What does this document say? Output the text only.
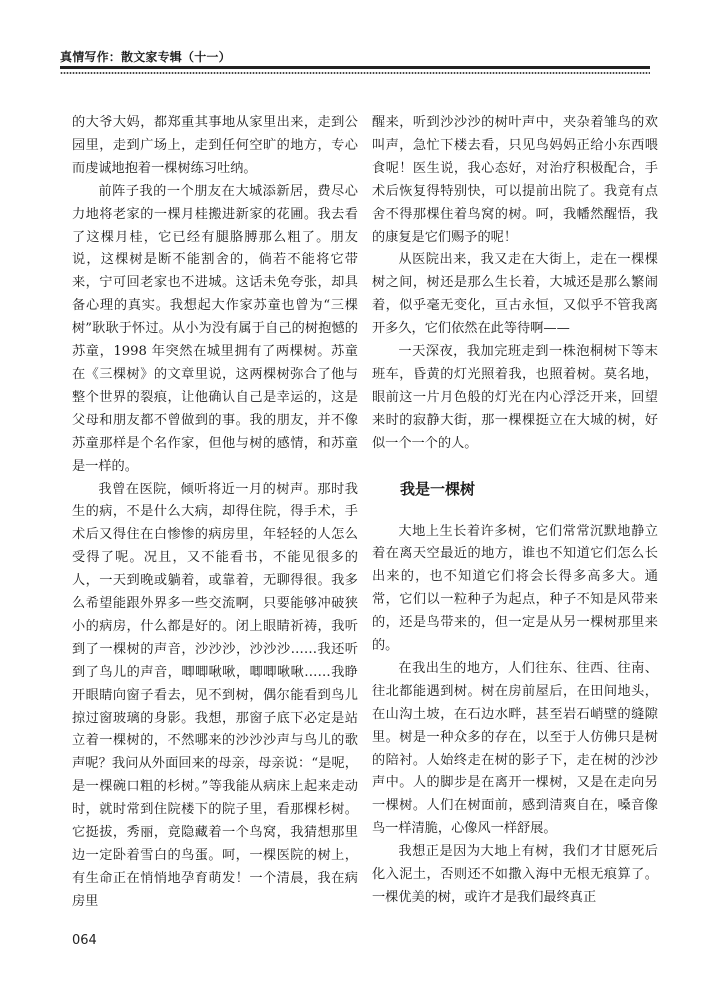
真情写作：散文家专辑（十一）

的大爷大妈，都郑重其事地从家里出来，走到公园里，走到广场上，走到任何空旷的地方，专心而虔诚地抱着一棵树练习吐纳。

前阵子我的一个朋友在大城添新居，费尽心力地将老家的一棵月桂搬进新家的花圃。我去看了这棵月桂，它已经有腿胳膊那么粗了。朋友说，这棵树是断不能割舍的，倘若不能将它带来，宁可回老家也不进城。这话未免夸张，却具备心理的真实。我想起大作家苏童也曾为“三棵树”耿耿于怀过。从小为没有属于自己的树抱憾的苏童，1998 年突然在城里拥有了两棵树。苏童在《三棵树》的文章里说，这两棵树弥合了他与整个世界的裂痕，让他确认自己是幸运的，这是父母和朋友都不曾做到的事。我的朋友，并不像苏童那样是个名作家，但他与树的感情，和苏童是一样的。

我曾在医院，倾听将近一月的树声。那时我生的病，不是什么大病，却得住院，得手术，手术后又得住在白惨惨的病房里，年轻轻的人怎么受得了呢。况且，又不能看书，不能见很多的人，一天到晚或躺着，或靠着，无聊得很。我多么希望能跟外界多一些交流啊，只要能够冲破狭小的病房，什么都是好的。闭上眼睛祈祷，我听到了一棵树的声音，沙沙沙，沙沙沙……我还听到了鸟儿的声音，唧唧啾啾，唧唧啾啾……我睁开眼睛向窗子看去，见不到树，偶尔能看到鸟儿掠过窗玻璃的身影。我想，那窗子底下必定是站立着一棵树的，不然哪来的沙沙沙声与鸟儿的歌声呢？我问从外面回来的母亲，母亲说：“是呢，是一棵碗口粗的杉树。”等我能从病床上起来走动时，就时常到住院楼下的院子里，看那棵杉树。它挺拔，秀丽，竟隐藏着一个鸟窝，我猜想那里边一定卧着雪白的鸟蛋。呵，一棵医院的树上，有生命正在悄悄地孕育萌发！一个清晨，我在病房里

醒来，听到沙沙沙的树叶声中，夹杂着雏鸟的欢叫声，急忙下楼去看，只见鸟妈妈正给小东西喂食呢！医生说，我心态好，对治疗积极配合，手术后恢复得特别快，可以提前出院了。我竟有点舍不得那棵住着鸟窝的树。呵，我幡然醒悟，我的康复是它们赐予的呢！

从医院出来，我又走在大街上，走在一棵棵树之间，树还是那么生长着，大城还是那么繁闹着，似乎毫无变化，亘古永恒，又似乎不管我离开多久，它们依然在此等待啊——

一天深夜，我加完班走到一株泡桐树下等末班车，昏黄的灯光照着我，也照着树。莫名地，眼前这一片月色般的灯光在内心浮泛开来，回望来时的寂静大街，那一棵棵挺立在大城的树，好似一个一个的人。

我是一棵树

大地上生长着许多树，它们常常沉默地静立着在离天空最近的地方，谁也不知道它们怎么长出来的，也不知道它们将会长得多高多大。通常，它们以一粒种子为起点，种子不知是风带来的，还是鸟带来的，但一定是从另一棵树那里来的。

在我出生的地方，人们往东、往西、往南、往北都能遇到树。树在房前屋后，在田间地头，在山沟土坡，在石边水畔，甚至岩石峭壁的缝隙里。树是一种众多的存在，以至于人仿佛只是树的陪衬。人始终走在树的影子下，走在树的沙沙声中。人的脚步是在离开一棵树，又是在走向另一棵树。人们在树面前，感到清爽自在，嗓音像鸟一样清脆，心像风一样舒展。

我想正是因为大地上有树，我们才甘愿死后化入泥土，否则还不如撒入海中无根无痕算了。一棵优美的树，或许才是我们最终真正

064
